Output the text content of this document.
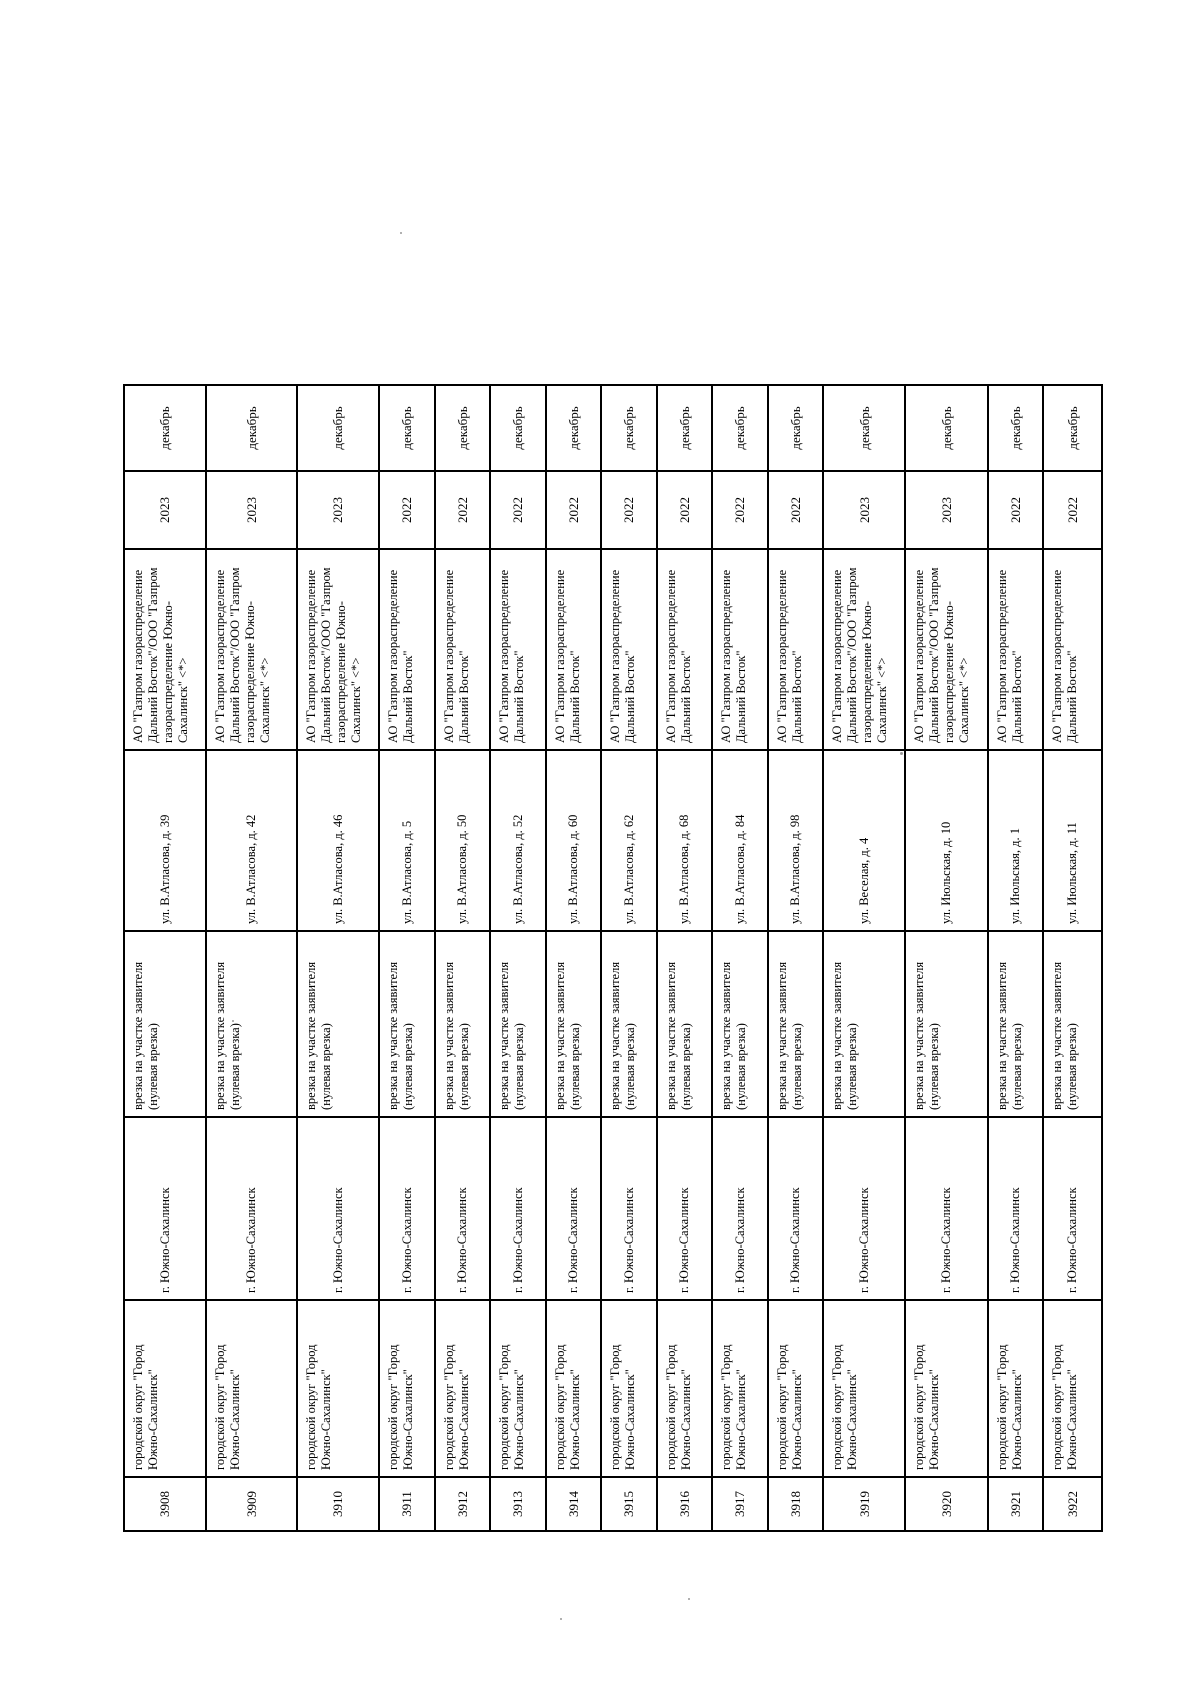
3908	городской округ "Город Южно-Сахалинск"	г. Южно-Сахалинск	врезка на участке заявителя (нулевая врезка)	ул. В.Атласова, д. 39	АО "Газпром газораспределение Дальний Восток"/ООО "Газпром газораспределение Южно-Сахалинск" <*>	2023	декабрь
3909	городской округ "Город Южно-Сахалинск"	г. Южно-Сахалинск	врезка на участке заявителя (нулевая врезка)	ул. В.Атласова, д. 42	АО "Газпром газораспределение Дальний Восток"/ООО "Газпром газораспределение Южно-Сахалинск" <*>	2023	декабрь
3910	городской округ "Город Южно-Сахалинск"	г. Южно-Сахалинск	врезка на участке заявителя (нулевая врезка)	ул. В.Атласова, д. 46	АО "Газпром газораспределение Дальний Восток"/ООО "Газпром газораспределение Южно-Сахалинск" <*>	2023	декабрь
3911	городской округ "Город Южно-Сахалинск"	г. Южно-Сахалинск	врезка на участке заявителя (нулевая врезка)	ул. В.Атласова, д. 5	АО "Газпром газораспределение Дальний Восток"	2022	декабрь
3912	городской округ "Город Южно-Сахалинск"	г. Южно-Сахалинск	врезка на участке заявителя (нулевая врезка)	ул. В.Атласова, д. 50	АО "Газпром газораспределение Дальний Восток"	2022	декабрь
3913	городской округ "Город Южно-Сахалинск"	г. Южно-Сахалинск	врезка на участке заявителя (нулевая врезка)	ул. В.Атласова, д. 52	АО "Газпром газораспределение Дальний Восток"	2022	декабрь
3914	городской округ "Город Южно-Сахалинск"	г. Южно-Сахалинск	врезка на участке заявителя (нулевая врезка)	ул. В.Атласова, д. 60	АО "Газпром газораспределение Дальний Восток"	2022	декабрь
3915	городской округ "Город Южно-Сахалинск"	г. Южно-Сахалинск	врезка на участке заявителя (нулевая врезка)	ул. В.Атласова, д. 62	АО "Газпром газораспределение Дальний Восток"	2022	декабрь
3916	городской округ "Город Южно-Сахалинск"	г. Южно-Сахалинск	врезка на участке заявителя (нулевая врезка)	ул. В.Атласова, д. 68	АО "Газпром газораспределение Дальний Восток"	2022	декабрь
3917	городской округ "Город Южно-Сахалинск"	г. Южно-Сахалинск	врезка на участке заявителя (нулевая врезка)	ул. В.Атласова, д. 84	АО "Газпром газораспределение Дальний Восток"	2022	декабрь
3918	городской округ "Город Южно-Сахалинск"	г. Южно-Сахалинск	врезка на участке заявителя (нулевая врезка)	ул. В.Атласова, д. 98	АО "Газпром газораспределение Дальний Восток"	2022	декабрь
3919	городской округ "Город Южно-Сахалинск"	г. Южно-Сахалинск	врезка на участке заявителя (нулевая врезка)	ул. Веселая, д. 4	АО "Газпром газораспределение Дальний Восток"/ООО "Газпром газораспределение Южно-Сахалинск" <*>	2023	декабрь
3920	городской округ "Город Южно-Сахалинск"	г. Южно-Сахалинск	врезка на участке заявителя (нулевая врезка)	ул. Июльская, д. 10	АО "Газпром газораспределение Дальний Восток"/ООО "Газпром газораспределение Южно-Сахалинск" <*>	2023	декабрь
3921	городской округ "Город Южно-Сахалинск"	г. Южно-Сахалинск	врезка на участке заявителя (нулевая врезка)	ул. Июльская, д. 1	АО "Газпром газораспределение Дальний Восток"	2022	декабрь
3922	городской округ "Город Южно-Сахалинск"	г. Южно-Сахалинск	врезка на участке заявителя (нулевая врезка)	ул. Июльская, д. 11	АО "Газпром газораспределение Дальний Восток"	2022	декабрь
